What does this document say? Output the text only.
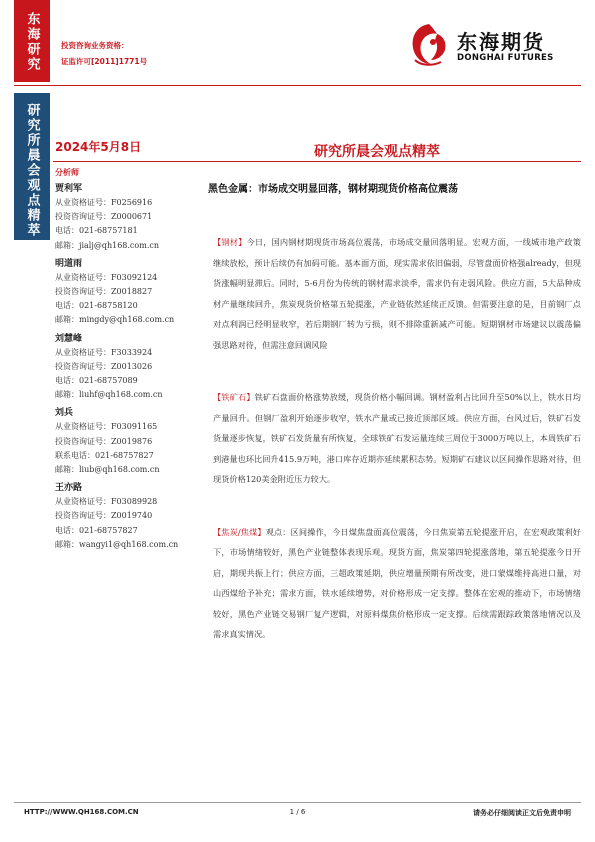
东海研究	投资咨询业务资格：
证监许可[2011]1771号
东海期货
DONGHAI FUTURES
研究所晨会观点精萃 2024年5月8日	研究所晨会观点精萃
分析师
贾利军
从业资格证号：F0256916
投资咨询证号：Z0000671
电话：021-68757181
邮箱：jialj@qh168.com.cn
明道雨
从业资格证号：F03092124
投资咨询证号：Z0018827
电话：021-68758120
邮箱：mingdy@qh168.com.cn
刘慧峰
从业资格证号：F3033924
投资咨询证号：Z0013026
电话：021-68757089
邮箱：liuhf@qh168.com.cn
刘兵
从业资格证号：F03091165
投资咨询证号：Z0019876
联系电话：021-68757827
邮箱：liub@qh168.com.cn
王亦路
从业资格证号：F03089928
投资咨询证号：Z0019740
电话：021-68757827
邮箱：wangyi1@qh168.com.cn
黑色金属：市场成交明显回落，钢材期现货价格高位震荡

【钢材】今日，国内钢材期现货市场高位震荡，市场成交量回落明显。宏观方面，一线城市地产政策继续放松，预计后续仍有加码可能。基本面方面，现实需求依旧偏弱，尽管盘面价格强already，但现货涨幅明显滞后。同时，5-6月份为传统的钢材需求淡季，需求仍有走弱风险。供应方面，5大品种成材产量继续回升，焦炭现货价格第五轮提涨，产业链依然延续正反馈。但需要注意的是，目前钢厂点对点利润已经明显收窄，若后期钢厂转为亏损，则不排除重新减产可能。短期钢材市场建议以震荡偏强思路对待，但需注意回调风险

【铁矿石】铁矿石盘面价格涨势放缓，现货价格小幅回调。钢材盈利占比回升至50%以上，铁水日均产量回升。但钢厂盈利开始逐步收窄，铁水产量或已接近顶部区域。供应方面，台风过后，铁矿石发货量逐步恢复，铁矿石发货量有所恢复，全球铁矿石发运量连续三周位于3000万吨以上，本周铁矿石到港量也环比回升415.9万吨，港口库存近期亦延续累积态势。短期矿石建议以区间操作思路对待，但现货价格120美金附近压力较大。

【焦炭/焦煤】观点：区间操作，今日煤焦盘面高位震荡，今日焦炭第五轮提涨开启，在宏观政策利好下，市场情绪较好，黑色产业链整体表现乐观。现货方面，焦炭第四轮提涨落地，第五轮提涨今日开启，期现共振上行；供应方面，三超政策延期，供应增量预期有所改变，进口蒙煤维持高进口量，对山西煤给予补充；需求方面，铁水延续增势，对价格形成一定支撑。整体在宏观的推动下，市场情绪较好，黑色产业链交易钢厂复产逻辑，对原料煤焦价格形成一定支撑。后续需跟踪政策落地情况以及需求真实情况。

HTTP://WWW.QH168.COM.CN	1 / 6	请务必仔细阅读正文后免责申明
